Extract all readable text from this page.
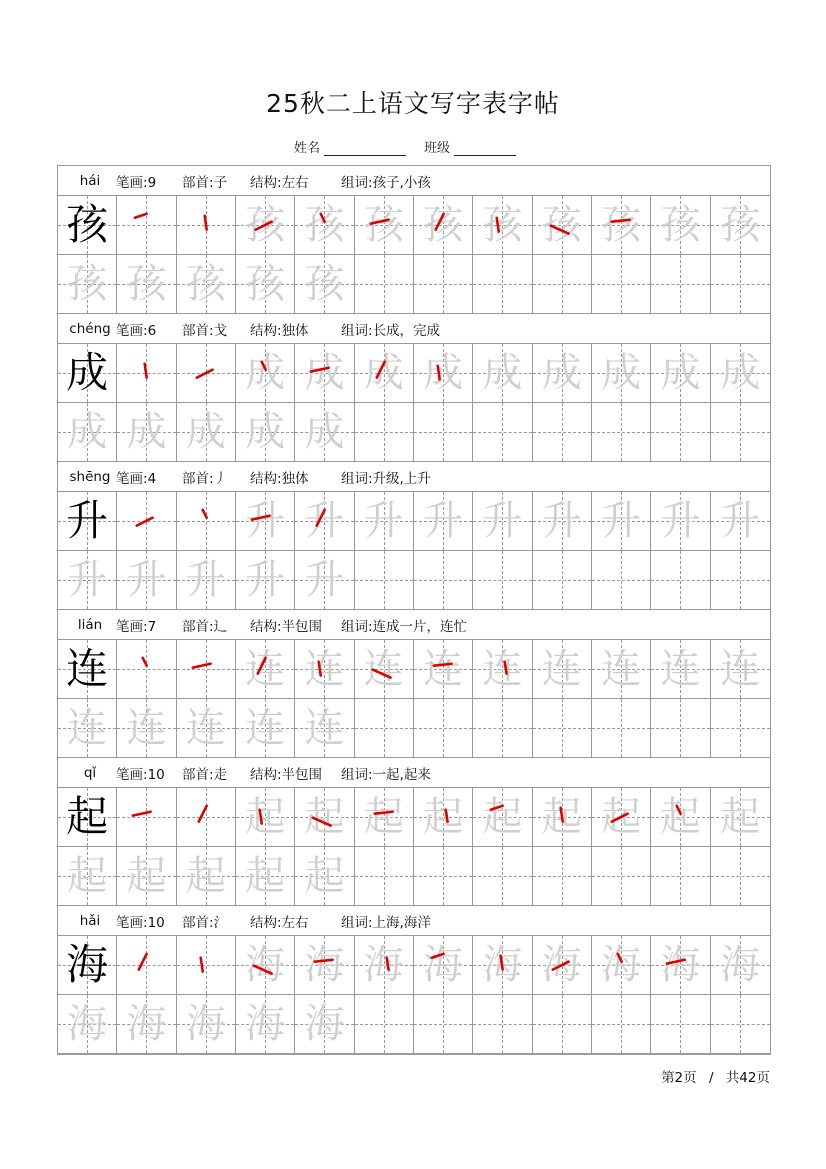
25秋二上语文写字表字帖
姓名	班级
hái	笔画:9	部首:子	结构:左右	组词:孩子,小孩
孩	孩 孩 孩 孩 孩 孩 孩 孩 孩
孩 孩 孩 孩 孩
chéng 笔画:6	部首:戈	结构:独体	组词:长成，完成
成	成 成 成 成 成 成 成 成 成
成 成 成 成 成
shēng 笔画:4	部首:丿	结构:独体	组词:升级,上升
升	升 升 升 升 升 升 升 升 升
升 升 升 升 升
lián	笔画:7	部首:辶	结构:半包围	组词:连成一片，连忙
连	连 连 连 连 连 连 连 连 连
连 连 连 连 连
qǐ	笔画:10	部首:走	结构:半包围	组词:一起,起来
起	起 起 起 起 起 起 起 起 起
起 起 起 起 起
hǎi	笔画:10	部首:氵	结构:左右	组词:上海,海洋
海	海 海 海 海 海 海 海 海 海
海 海 海 海 海
第2页 / 共42页
